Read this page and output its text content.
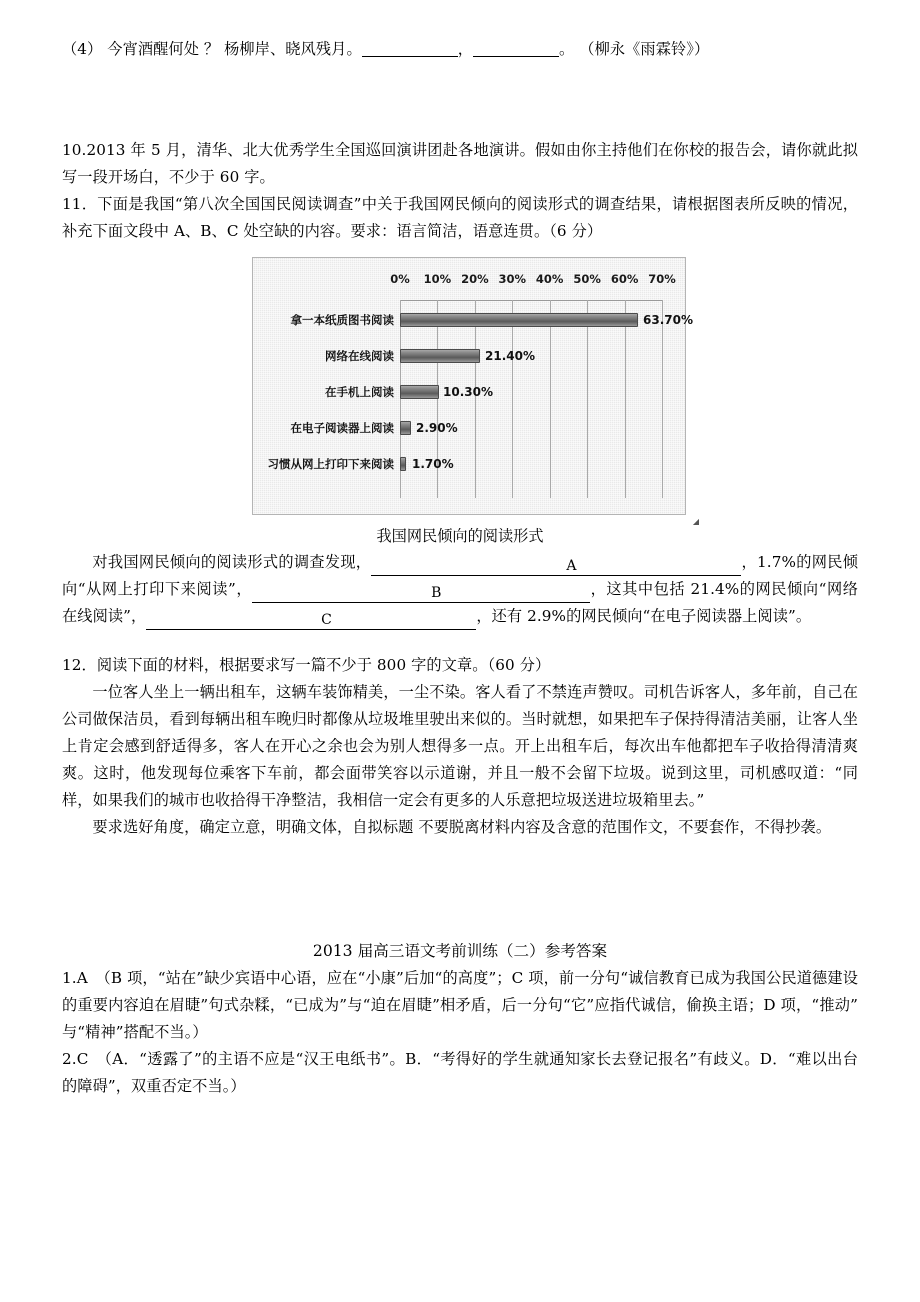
（4） 今宵酒醒何处 ？ 杨柳岸、晓风残月。	，	。 （柳永《雨霖铃》）

10.2013 年 5 月，清华、北大优秀学生全国巡回演讲团赴各地演讲。假如由你主持他们在你校的报告会，请你就此拟写一段开场白，不少于 60 字。

11．下面是我国“第八次全国国民阅读调查”中关于我国网民倾向的阅读形式的调查结果，请根据图表所反映的情况，补充下面文段中 A、B、C 处空缺的内容。要求：语言简洁，语意连贯。（6 分）

0% 10% 20% 30% 40% 50% 60% 70%
拿一本纸质图书阅读	63.70%
网络在线阅读	21.40%
在手机上阅读	10.30%
在电子阅读器上阅读 2.90%
习惯从网上打印下来阅读 1.70%
◢
我国网民倾向的阅读形式

对我国网民倾向的阅读形式的调查发现，	A	，1.7%的网民倾向“从网上打印下来阅读”，	B	，这其中包括 21.4%的网民倾向“网络在线阅读”，	C	，还有 2.9%的网民倾向“在电子阅读器上阅读”。

12．阅读下面的材料，根据要求写一篇不少于 800 字的文章。（60 分）

一位客人坐上一辆出租车，这辆车装饰精美，一尘不染。客人看了不禁连声赞叹。司机告诉客人，多年前，自己在公司做保洁员，看到每辆出租车晚归时都像从垃圾堆里驶出来似的。当时就想，如果把车子保持得清洁美丽，让客人坐上肯定会感到舒适得多，客人在开心之余也会为别人想得多一点。开上出租车后，每次出车他都把车子收拾得清清爽爽。这时，他发现每位乘客下车前，都会面带笑容以示道谢，并且一般不会留下垃圾。说到这里，司机感叹道：“同样，如果我们的城市也收拾得干净整洁，我相信一定会有更多的人乐意把垃圾送进垃圾箱里去。”

要求选好角度，确定立意，明确文体，自拟标题 不要脱离材料内容及含意的范围作文，不要套作，不得抄袭。

2013 届高三语文考前训练（二）参考答案

1.A　（B 项，“站在”缺少宾语中心语，应在“小康”后加“的高度”；C 项，前一分句“诚信教育已成为我国公民道德建设的重要内容迫在眉睫”句式杂糅，“已成为”与“迫在眉睫”相矛盾，后一分句“它”应指代诚信，偷换主语；D 项，“推动”与“精神”搭配不当。）

2.C　（A．“透露了”的主语不应是“汉王电纸书”。B．“考得好的学生就通知家长去登记报名”有歧义。D．“难以出台的障碍”，双重否定不当。）
